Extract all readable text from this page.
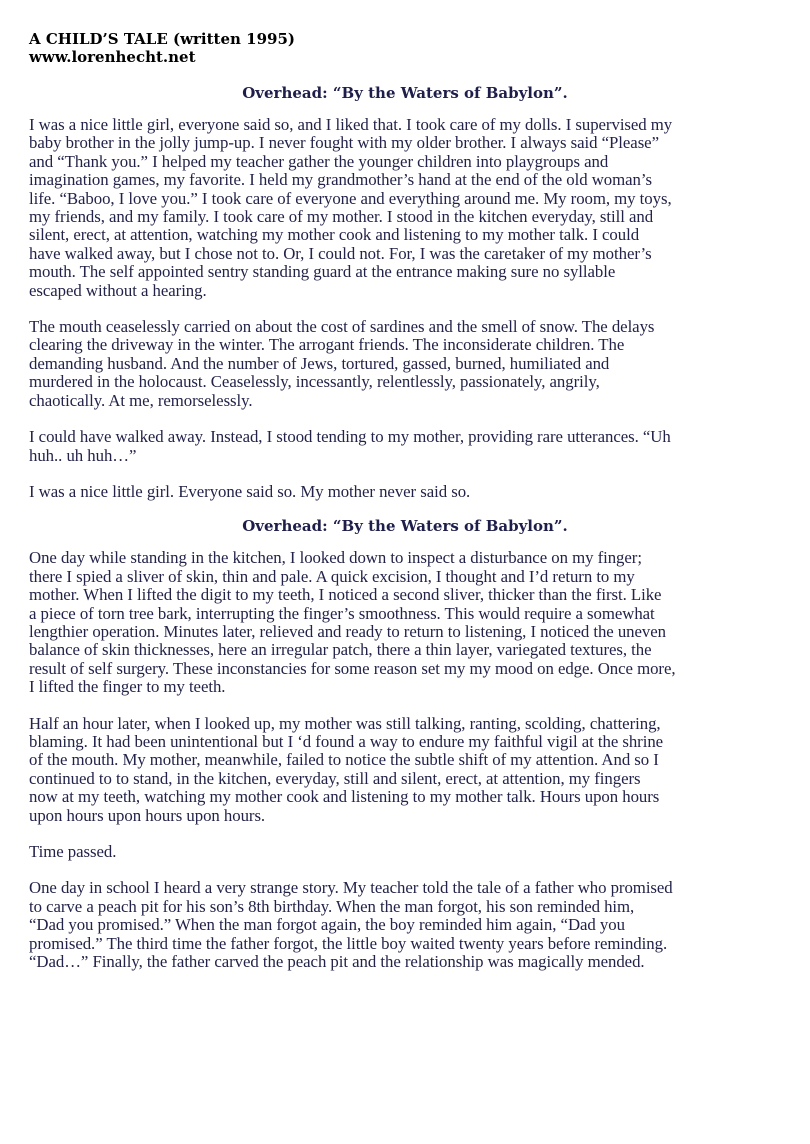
A CHILD’S TALE (written 1995)
www.lorenhecht.net
Overhead: “By the Waters of Babylon”.
I was a nice little girl, everyone said so, and I liked that. I took care of my dolls. I supervised my
baby brother in the jolly jump-up. I never fought with my older brother. I always said “Please”
and “Thank you.” I helped my teacher gather the younger children into playgroups and
imagination games, my favorite. I held my grandmother’s hand at the end of the old woman’s
life. “Baboo, I love you.” I took care of everyone and everything around me. My room, my toys,
my friends, and my family. I took care of my mother. I stood in the kitchen everyday, still and
silent, erect, at attention, watching my mother cook and listening to my mother talk. I could
have walked away, but I chose not to. Or, I could not. For, I was the caretaker of my mother’s
mouth. The self appointed sentry standing guard at the entrance making sure no syllable
escaped without a hearing.
The mouth ceaselessly carried on about the cost of sardines and the smell of snow. The delays
clearing the driveway in the winter. The arrogant friends. The inconsiderate children. The
demanding husband. And the number of Jews, tortured, gassed, burned, humiliated and
murdered in the holocaust. Ceaselessly, incessantly, relentlessly, passionately, angrily,
chaotically. At me, remorselessly.
I could have walked away. Instead, I stood tending to my mother, providing rare utterances. “Uh
huh.. uh huh…”
I was a nice little girl. Everyone said so. My mother never said so.
Overhead: “By the Waters of Babylon”.
One day while standing in the kitchen, I looked down to inspect a disturbance on my finger;
there I spied a sliver of skin, thin and pale. A quick excision, I thought and I’d return to my
mother. When I lifted the digit to my teeth, I noticed a second sliver, thicker than the first. Like
a piece of torn tree bark, interrupting the finger’s smoothness. This would require a somewhat
lengthier operation. Minutes later, relieved and ready to return to listening, I noticed the uneven
balance of skin thicknesses, here an irregular patch, there a thin layer, variegated textures, the
result of self surgery. These inconstancies for some reason set my my mood on edge. Once more,
I lifted the finger to my teeth.
Half an hour later, when I looked up, my mother was still talking, ranting, scolding, chattering,
blaming. It had been unintentional but I ‘d found a way to endure my faithful vigil at the shrine
of the mouth. My mother, meanwhile, failed to notice the subtle shift of my attention. And so I
continued to to stand, in the kitchen, everyday, still and silent, erect, at attention, my fingers
now at my teeth, watching my mother cook and listening to my mother talk. Hours upon hours
upon hours upon hours upon hours.
Time passed.
One day in school I heard a very strange story. My teacher told the tale of a father who promised
to carve a peach pit for his son’s 8th birthday. When the man forgot, his son reminded him,
“Dad you promised.” When the man forgot again, the boy reminded him again, “Dad you
promised.” The third time the father forgot, the little boy waited twenty years before reminding.
“Dad…” Finally, the father carved the peach pit and the relationship was magically mended.
